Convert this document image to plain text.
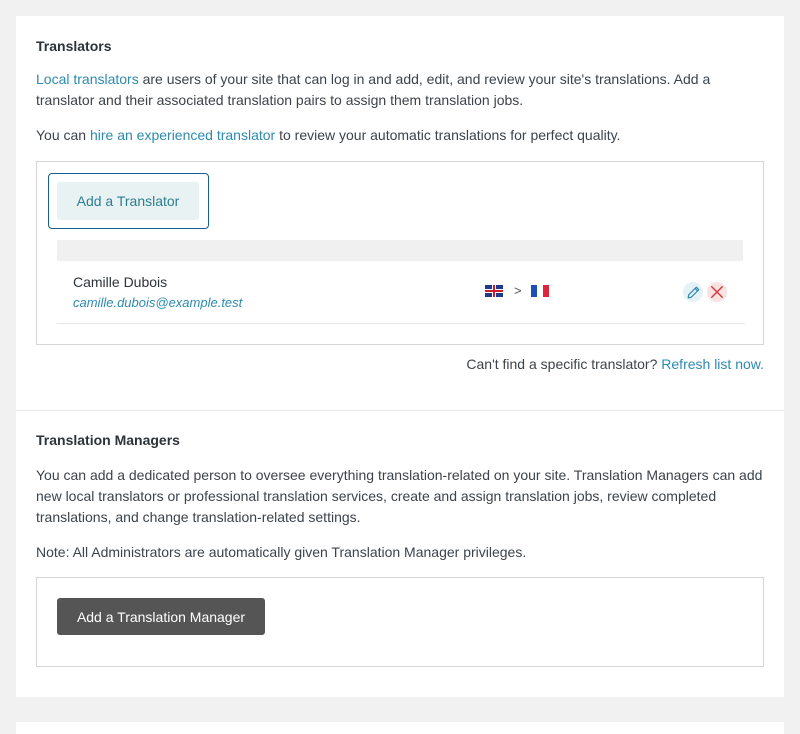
Translators

Local translators are users of your site that can log in and add, edit, and review your site's translations. Add a translator and their associated translation pairs to assign them translation jobs.

You can hire an experienced translator to review your automatic translations for perfect quality.

Add a Translator
Camille Dubois
camille.dubois@example.test
>
Can't find a specific translator? Refresh list now.
Translation Managers

You can add a dedicated person to oversee everything translation-related on your site. Translation Managers can add new local translators or professional translation services, create and assign translation jobs, review completed translations, and change translation-related settings.

Note: All Administrators are automatically given Translation Manager privileges.

Add a Translation Manager
